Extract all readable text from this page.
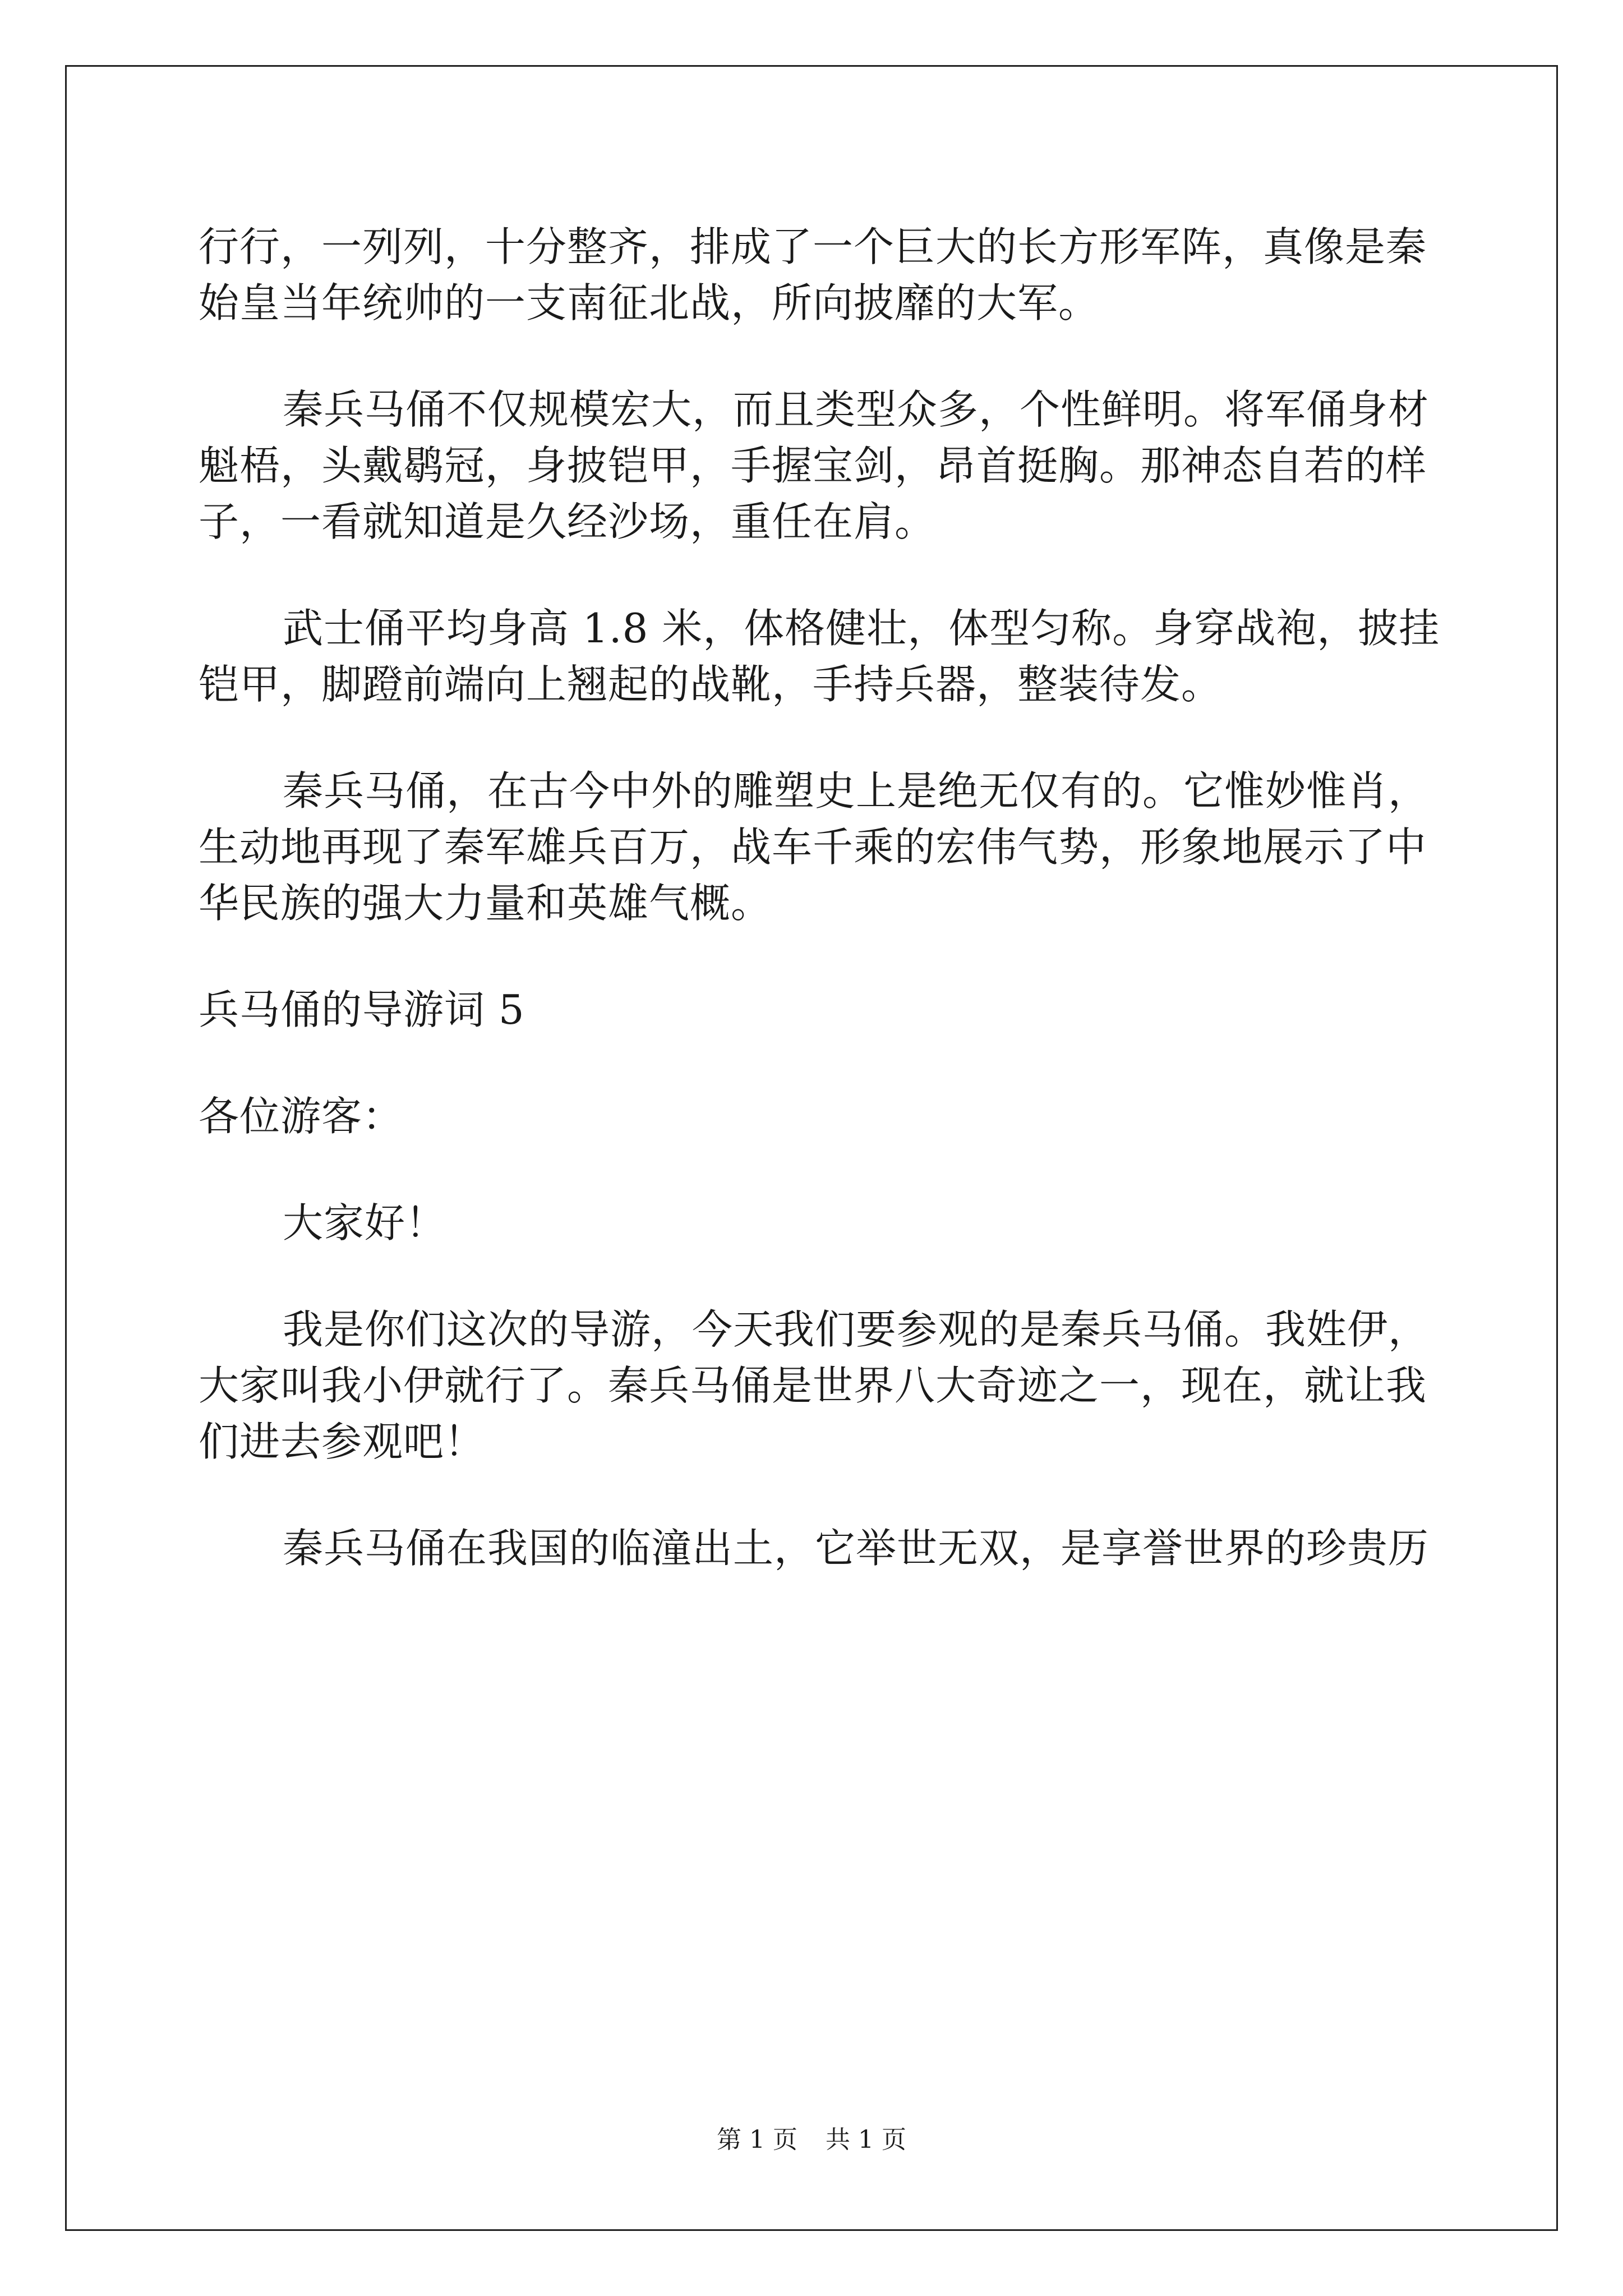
行行，一列列，十分整齐，排成了一个巨大的长方形军阵，真像是秦
始皇当年统帅的一支南征北战，所向披靡的大军。
秦兵马俑不仅规模宏大，而且类型众多，个性鲜明。将军俑身材
魁梧，头戴鹖冠，身披铠甲，手握宝剑，昂首挺胸。那神态自若的样
子，一看就知道是久经沙场，重任在肩。
武士俑平均身高 1.8 米，体格健壮，体型匀称。身穿战袍，披挂
铠甲，脚蹬前端向上翘起的战靴，手持兵器，整装待发。
秦兵马俑，在古今中外的雕塑史上是绝无仅有的。它惟妙惟肖，
生动地再现了秦军雄兵百万，战车千乘的宏伟气势，形象地展示了中
华民族的强大力量和英雄气概。
兵马俑的导游词 5
各位游客：
大家好！
我是你们这次的导游，今天我们要参观的是秦兵马俑。我姓伊，
大家叫我小伊就行了。秦兵马俑是世界八大奇迹之一，现在，就让我
们进去参观吧！
秦兵马俑在我国的临潼出土，它举世无双，是享誉世界的珍贵历
第 1 页 共 1 页
